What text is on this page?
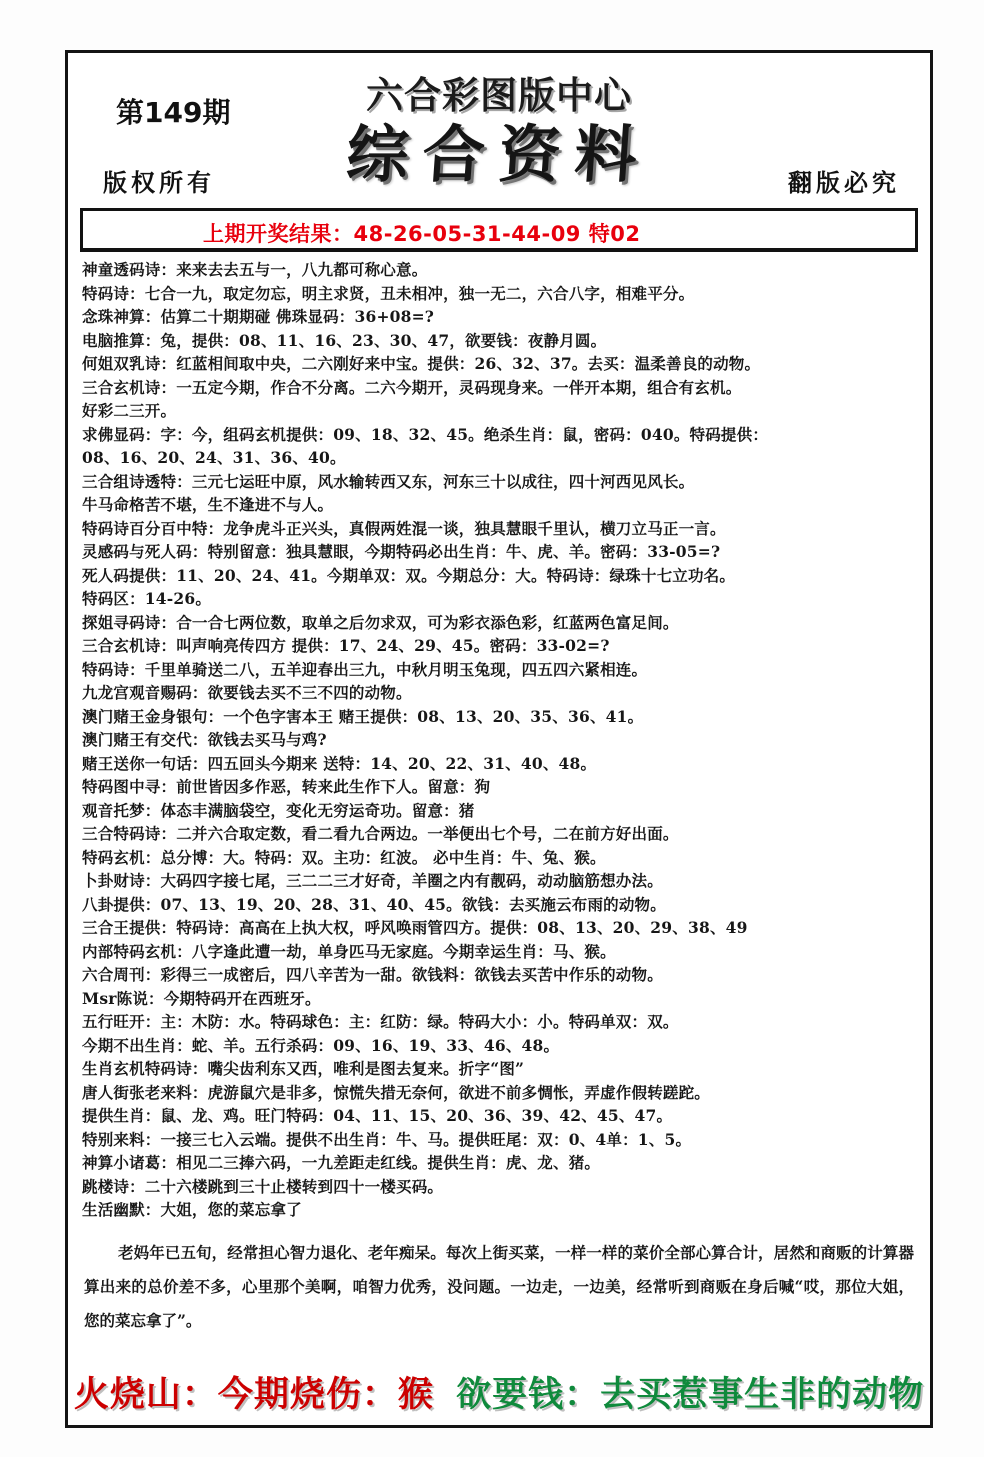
六合彩图版中心
综合资料
第149期
版权所有	翻版必究
上期开奖结果：48-26-05-31-44-09 特02
神童透码诗：来来去去五与一，八九都可称心意。
特码诗：七合一九，取定勿忘，明主求贤，丑未相冲，独一无二，六合八字，相难平分。
念珠神算：估算二十期期碰 佛珠显码：36+08=?
电脑推算：兔，提供：08、11、16、23、30、47，欲要钱：夜静月圆。
何姐双乳诗：红蓝相间取中央，二六刚好来中宝。提供：26、32、37。去买：温柔善良的动物。
三合玄机诗：一五定今期，作合不分离。二六今期开，灵码现身来。一伴开本期，组合有玄机。
好彩二三开。
求佛显码：字：今，组码玄机提供：09、18、32、45。绝杀生肖：鼠，密码：040。特码提供：
08、16、20、24、31、36、40。
三合组诗透特：三元七运旺中原，风水输转西又东，河东三十以成往，四十河西见风长。
牛马命格苦不堪，生不逢进不与人。
特码诗百分百中特：龙争虎斗正兴头，真假两姓混一谈，独具慧眼千里认，横刀立马正一言。
灵感码与死人码：特别留意：独具慧眼，今期特码必出生肖：牛、虎、羊。密码：33-05=?
死人码提供：11、20、24、41。今期单双：双。今期总分：大。特码诗：绿珠十七立功名。
特码区：14-26。
探姐寻码诗：合一合七两位数，取单之后勿求双，可为彩衣添色彩，红蓝两色富足间。
三合玄机诗：叫声响亮传四方 提供：17、24、29、45。密码：33-02=?
特码诗：千里单骑送二八，五羊迎春出三九，中秋月明玉兔现，四五四六紧相连。
九龙宫观音赐码：欲要钱去买不三不四的动物。
澳门赌王金身银句：一个色字害本王 赌王提供：08、13、20、35、36、41。
澳门赌王有交代：欲钱去买马与鸡?
赌王送你一句话：四五回头今期来 送特：14、20、22、31、40、48。
特码图中寻：前世皆因多作恶，转来此生作下人。留意：狗
观音托梦：体态丰满脑袋空，变化无穷运奇功。留意：猪
三合特码诗：二并六合取定数，看二看九合两边。一举便出七个号，二在前方好出面。
特码玄机：总分博：大。特码：双。主功：红波。 必中生肖：牛、兔、猴。
卜卦财诗：大码四字接七尾，三二二三才好奇，羊圈之内有靓码，动动脑筋想办法。
八卦提供：07、13、19、20、28、31、40、45。欲钱：去买施云布雨的动物。
三合王提供：特码诗：高高在上执大权，呼风唤雨管四方。提供：08、13、20、29、38、49
内部特码玄机：八字逢此遭一劫，单身匹马无家庭。今期幸运生肖：马、猴。
六合周刊：彩得三一成密后，四八辛苦为一甜。欲钱料：欲钱去买苦中作乐的动物。
Msr陈说：今期特码开在西班牙。
五行旺开：主：木防：水。特码球色：主：红防：绿。特码大小：小。特码单双：双。
今期不出生肖：蛇、羊。五行杀码：09、16、19、33、46、48。
生肖玄机特码诗：嘴尖齿利东又西，唯利是图去复来。折字“图”
唐人街张老来料：虎游鼠穴是非多，惊慌失措无奈何，欲进不前多惆怅，弄虚作假转蹉跎。
提供生肖：鼠、龙、鸡。旺门特码：04、11、15、20、36、39、42、45、47。
特别来料：一接三七入云端。提供不出生肖：牛、马。提供旺尾：双：0、4单：1、5。
神算小诸葛：相见二三捧六码，一九差距走红线。提供生肖：虎、龙、猪。
跳楼诗：二十六楼跳到三十止楼转到四十一楼买码。
生活幽默：大姐，您的菜忘拿了
老妈年已五旬，经常担心智力退化、老年痴呆。每次上街买菜，一样一样的菜价全部心算合计，居然和商贩的计算器算出来的总价差不多，心里那个美啊，咱智力优秀，没问题。一边走，一边美，经常听到商贩在身后喊“哎，那位大姐，您的菜忘拿了”。
火烧山：今期烧伤：猴 欲要钱：去买惹事生非的动物
